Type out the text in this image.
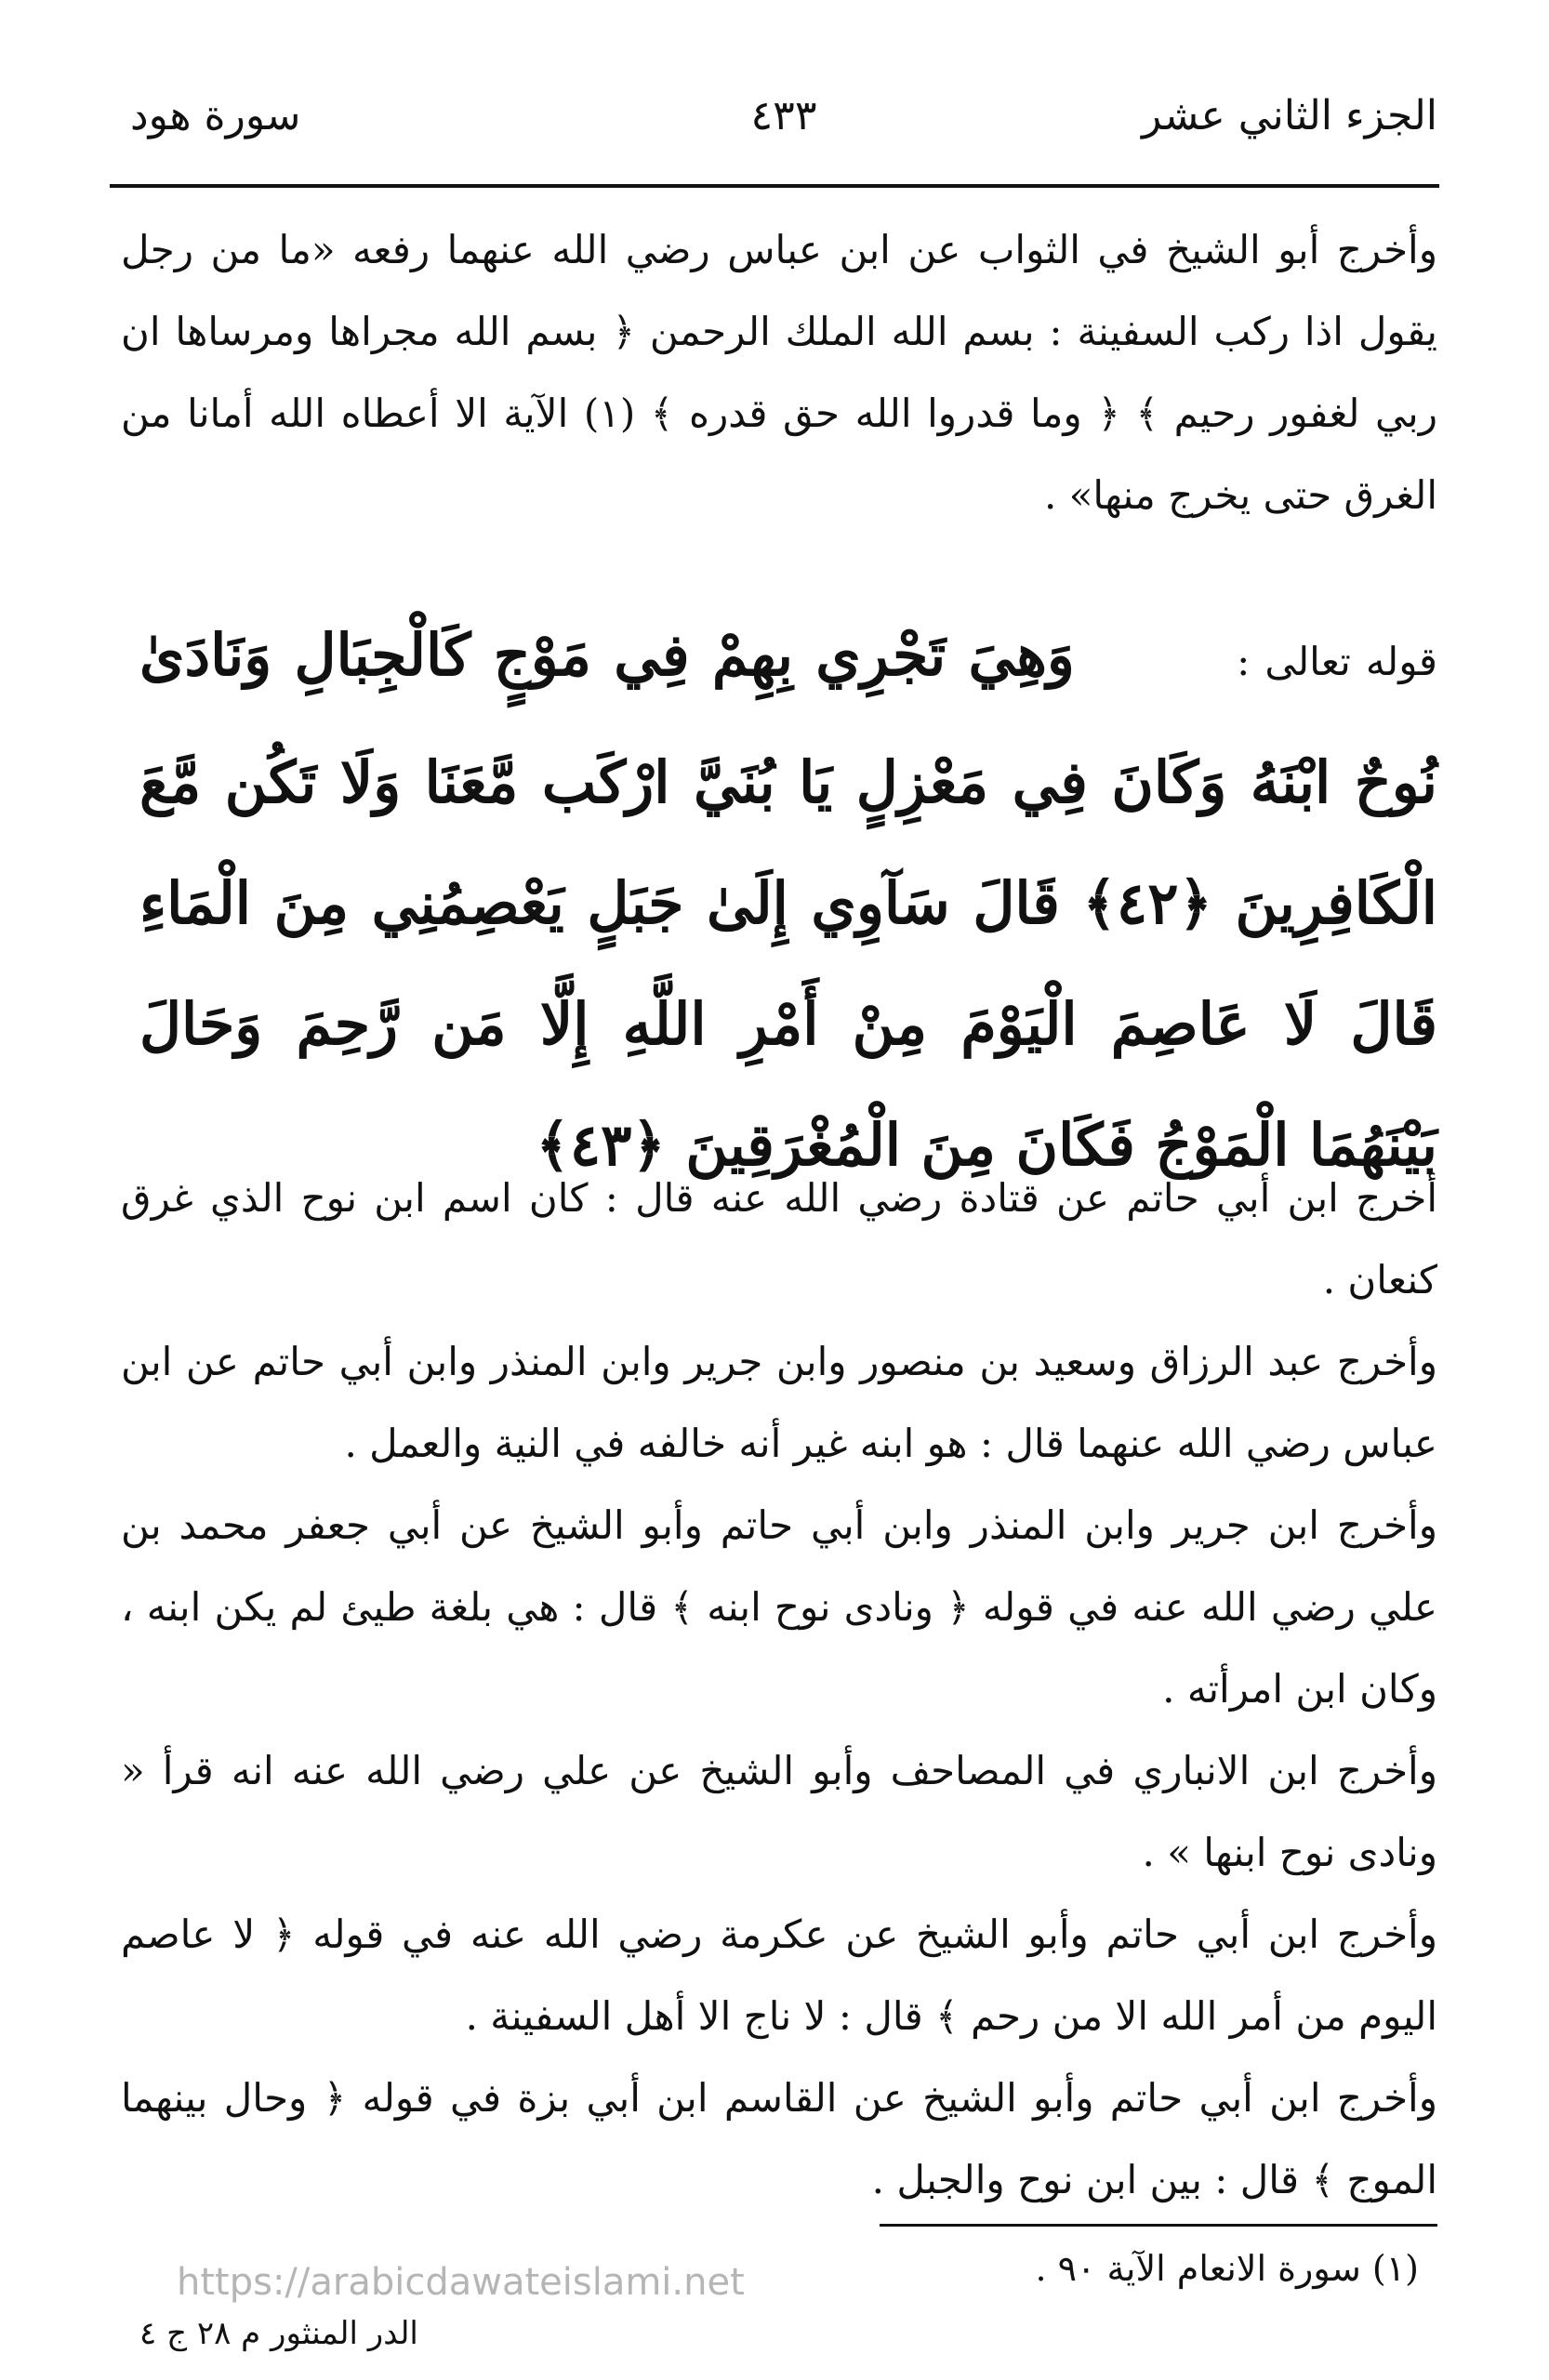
الجزء الثاني عشر
٤٣٣
سورة هود

وأخرج أبو الشيخ في الثواب عن ابن عباس رضي الله عنهما رفعه «ما من رجل يقول اذا ركب السفينة : بسم الله الملك الرحمن ﴿ بسم الله مجراها ومرساها ان ربي لغفور رحيم ﴾ ﴿ وما قدروا الله حق قدره ﴾ (١) الآية الا أعطاه الله أمانا من الغرق حتى يخرج منها» .

قوله تعالى : وَهِيَ تَجْرِي بِهِمْ فِي مَوْجٍ كَالْجِبَالِ وَنَادَىٰ نُوحٌ ابْنَهُ وَكَانَ فِي مَعْزِلٍ يَا بُنَيَّ ارْكَب مَّعَنَا وَلَا تَكُن مَّعَ الْكَافِرِينَ ﴿٤٢﴾ قَالَ سَآوِي إِلَىٰ جَبَلٍ يَعْصِمُنِي مِنَ الْمَاءِ قَالَ لَا عَاصِمَ الْيَوْمَ مِنْ أَمْرِ اللَّهِ إِلَّا مَن رَّحِمَ وَحَالَ بَيْنَهُمَا الْمَوْجُ فَكَانَ مِنَ الْمُغْرَقِينَ ﴿٤٣﴾

أخرج ابن أبي حاتم عن قتادة رضي الله عنه قال : كان اسم ابن نوح الذي غرق كنعان .

وأخرج عبد الرزاق وسعيد بن منصور وابن جرير وابن المنذر وابن أبي حاتم عن ابن عباس رضي الله عنهما قال : هو ابنه غير أنه خالفه في النية والعمل .

وأخرج ابن جرير وابن المنذر وابن أبي حاتم وأبو الشيخ عن أبي جعفر محمد بن علي رضي الله عنه في قوله ﴿ ونادى نوح ابنه ﴾ قال : هي بلغة طيئ لم يكن ابنه ، وكان ابن امرأته .

وأخرج ابن الانباري في المصاحف وأبو الشيخ عن علي رضي الله عنه انه قرأ « ونادى نوح ابنها » .

وأخرج ابن أبي حاتم وأبو الشيخ عن عكرمة رضي الله عنه في قوله ﴿ لا عاصم اليوم من أمر الله الا من رحم ﴾ قال : لا ناج الا أهل السفينة .

وأخرج ابن أبي حاتم وأبو الشيخ عن القاسم ابن أبي بزة في قوله ﴿ وحال بينهما الموج ﴾ قال : بين ابن نوح والجبل .

(١) سورة الانعام الآية ٩٠ .
https://arabicdawateislami.net
الدر المنثور م ٢٨ ج ٤
